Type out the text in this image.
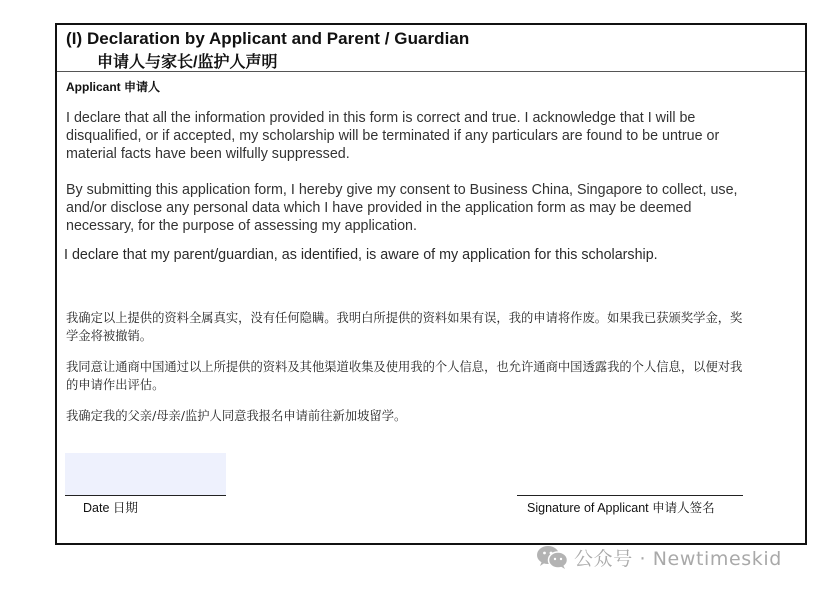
(I) Declaration by Applicant and Parent / Guardian
申请人与家长/监护人声明
Applicant 申请人
I declare that all the information provided in this form is correct and true. I acknowledge that I will be
disqualified, or if accepted, my scholarship will be terminated if any particulars are found to be untrue or
material facts have been wilfully suppressed.
By submitting this application form, I hereby give my consent to Business China, Singapore to collect, use,
and/or disclose any personal data which I have provided in the application form as may be deemed
necessary, for the purpose of assessing my application.
I declare that my parent/guardian, as identified, is aware of my application for this scholarship.
我确定以上提供的资料全属真实，没有任何隐瞒。我明白所提供的资料如果有误，我的申请将作废。如果我已获颁奖学金，奖
学金将被撤销。
我同意让通商中国通过以上所提供的资料及其他渠道收集及使用我的个人信息，也允许通商中国透露我的个人信息，以便对我
的申请作出评估。
我确定我的父亲/母亲/监护人同意我报名申请前往新加坡留学。
Date 日期	Signature of Applicant 申请人签名
公众号 · Newtimeskid
